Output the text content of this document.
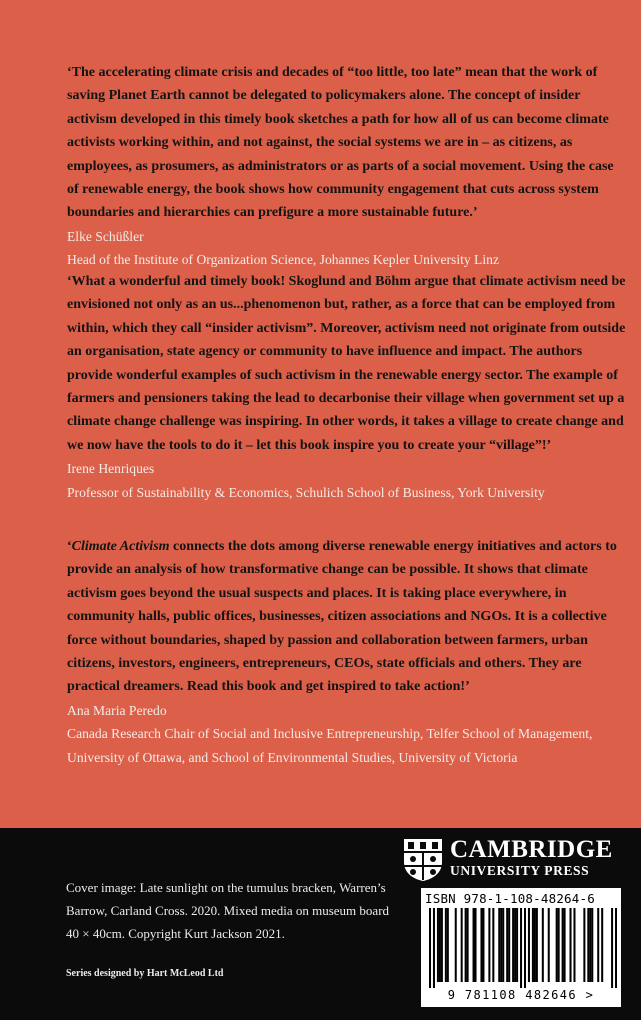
‘The accelerating climate crisis and decades of “too little, too late” mean that the work of saving Planet Earth cannot be delegated to policymakers alone. The concept of insider activism developed in this timely book sketches a path for how all of us can become climate activists working within, and not against, the social systems we are in – as citizens, as employees, as prosumers, as administrators or as parts of a social movement. Using the case of renewable energy, the book shows how community engagement that cuts across system boundaries and hierarchies can prefigure a more sustainable future.’

Elke Schüßler

Head of the Institute of Organization Science, Johannes Kepler University Linz

‘What a wonderful and timely book! Skoglund and Böhm argue that climate activism need be envisioned not only as an us...phenomenon but, rather, as a force that can be employed from within, which they call “insider activism”. Moreover, activism need not originate from outside an organisation, state agency or community to have influence and impact. The authors provide wonderful examples of such activism in the renewable energy sector. The example of farmers and pensioners taking the lead to decarbonise their village when government set up a climate change challenge was inspiring. In other words, it takes a village to create change and we now have the tools to do it – let this book inspire you to create your “village”!’

Irene Henriques

Professor of Sustainability & Economics, Schulich School of Business, York University

‘Climate Activism connects the dots among diverse renewable energy initiatives and actors to provide an analysis of how transformative change can be possible. It shows that climate activism goes beyond the usual suspects and places. It is taking place everywhere, in community halls, public offices, businesses, citizen associations and NGOs. It is a collective force without boundaries, shaped by passion and collaboration between farmers, urban citizens, investors, engineers, entrepreneurs, CEOs, state officials and others. They are practical dreamers. Read this book and get inspired to take action!’

Ana Maria Peredo

Canada Research Chair of Social and Inclusive Entrepreneurship, Telfer School of Management, University of Ottawa, and School of Environmental Studies, University of Victoria

Cover image: Late sunlight on the tumulus bracken, Warren’s Barrow, Carland Cross. 2020. Mixed media on museum board 40 × 40cm. Copyright Kurt Jackson 2021.

Series designed by Hart McLeod Ltd

CAMBRIDGE

UNIVERSITY PRESS

ISBN 978-1-108-48264-6

9 781108 482646 >
